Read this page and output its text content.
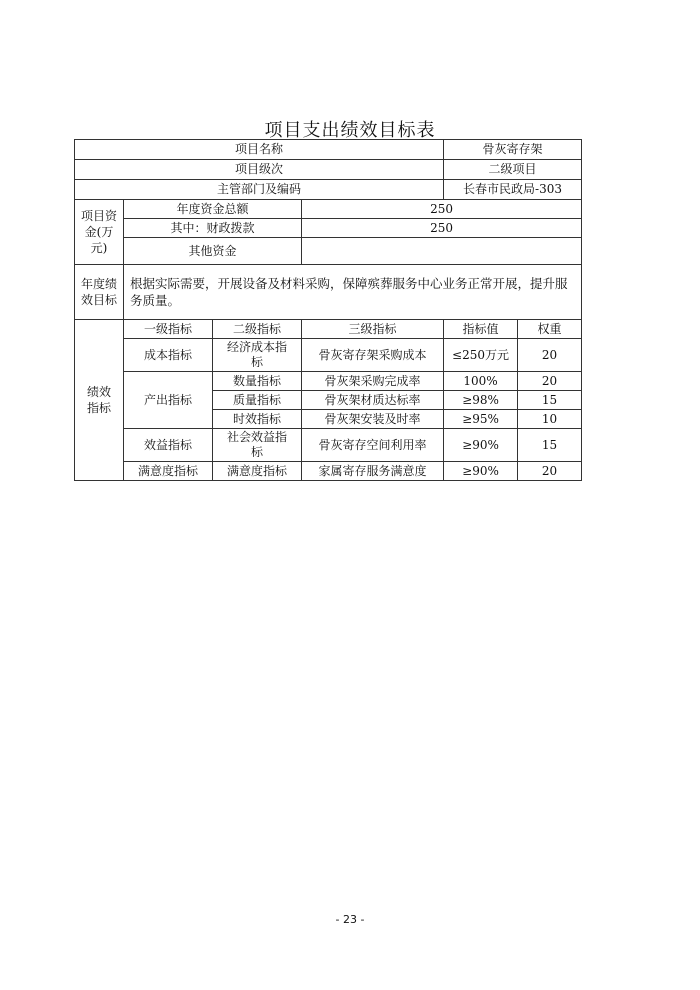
项目支出绩效目标表
项目名称				骨灰寄存架	
项目级次				二级项目	
主管部门及编码				长春市民政局-303	
项目资金(万元)	年度资金总额		250		
	其中：财政拨款		250		
	其他资金				
年度绩效目标	根据实际需要，开展设备及材料采购，保障殡葬服务中心业务正常开展，提升服务质量。				
绩效指标	一级指标	二级指标	三级指标	指标值	权重
	成本指标	经济成本指标	骨灰寄存架采购成本	≤250万元	20
	产出指标	数量指标	骨灰架采购完成率	100%	20
		质量指标	骨灰架材质达标率	≥98%	15
		时效指标	骨灰架安装及时率	≥95%	10
	效益指标	社会效益指标	骨灰寄存空间利用率	≥90%	15
	满意度指标	满意度指标	家属寄存服务满意度	≥90%	20
- 23 -
